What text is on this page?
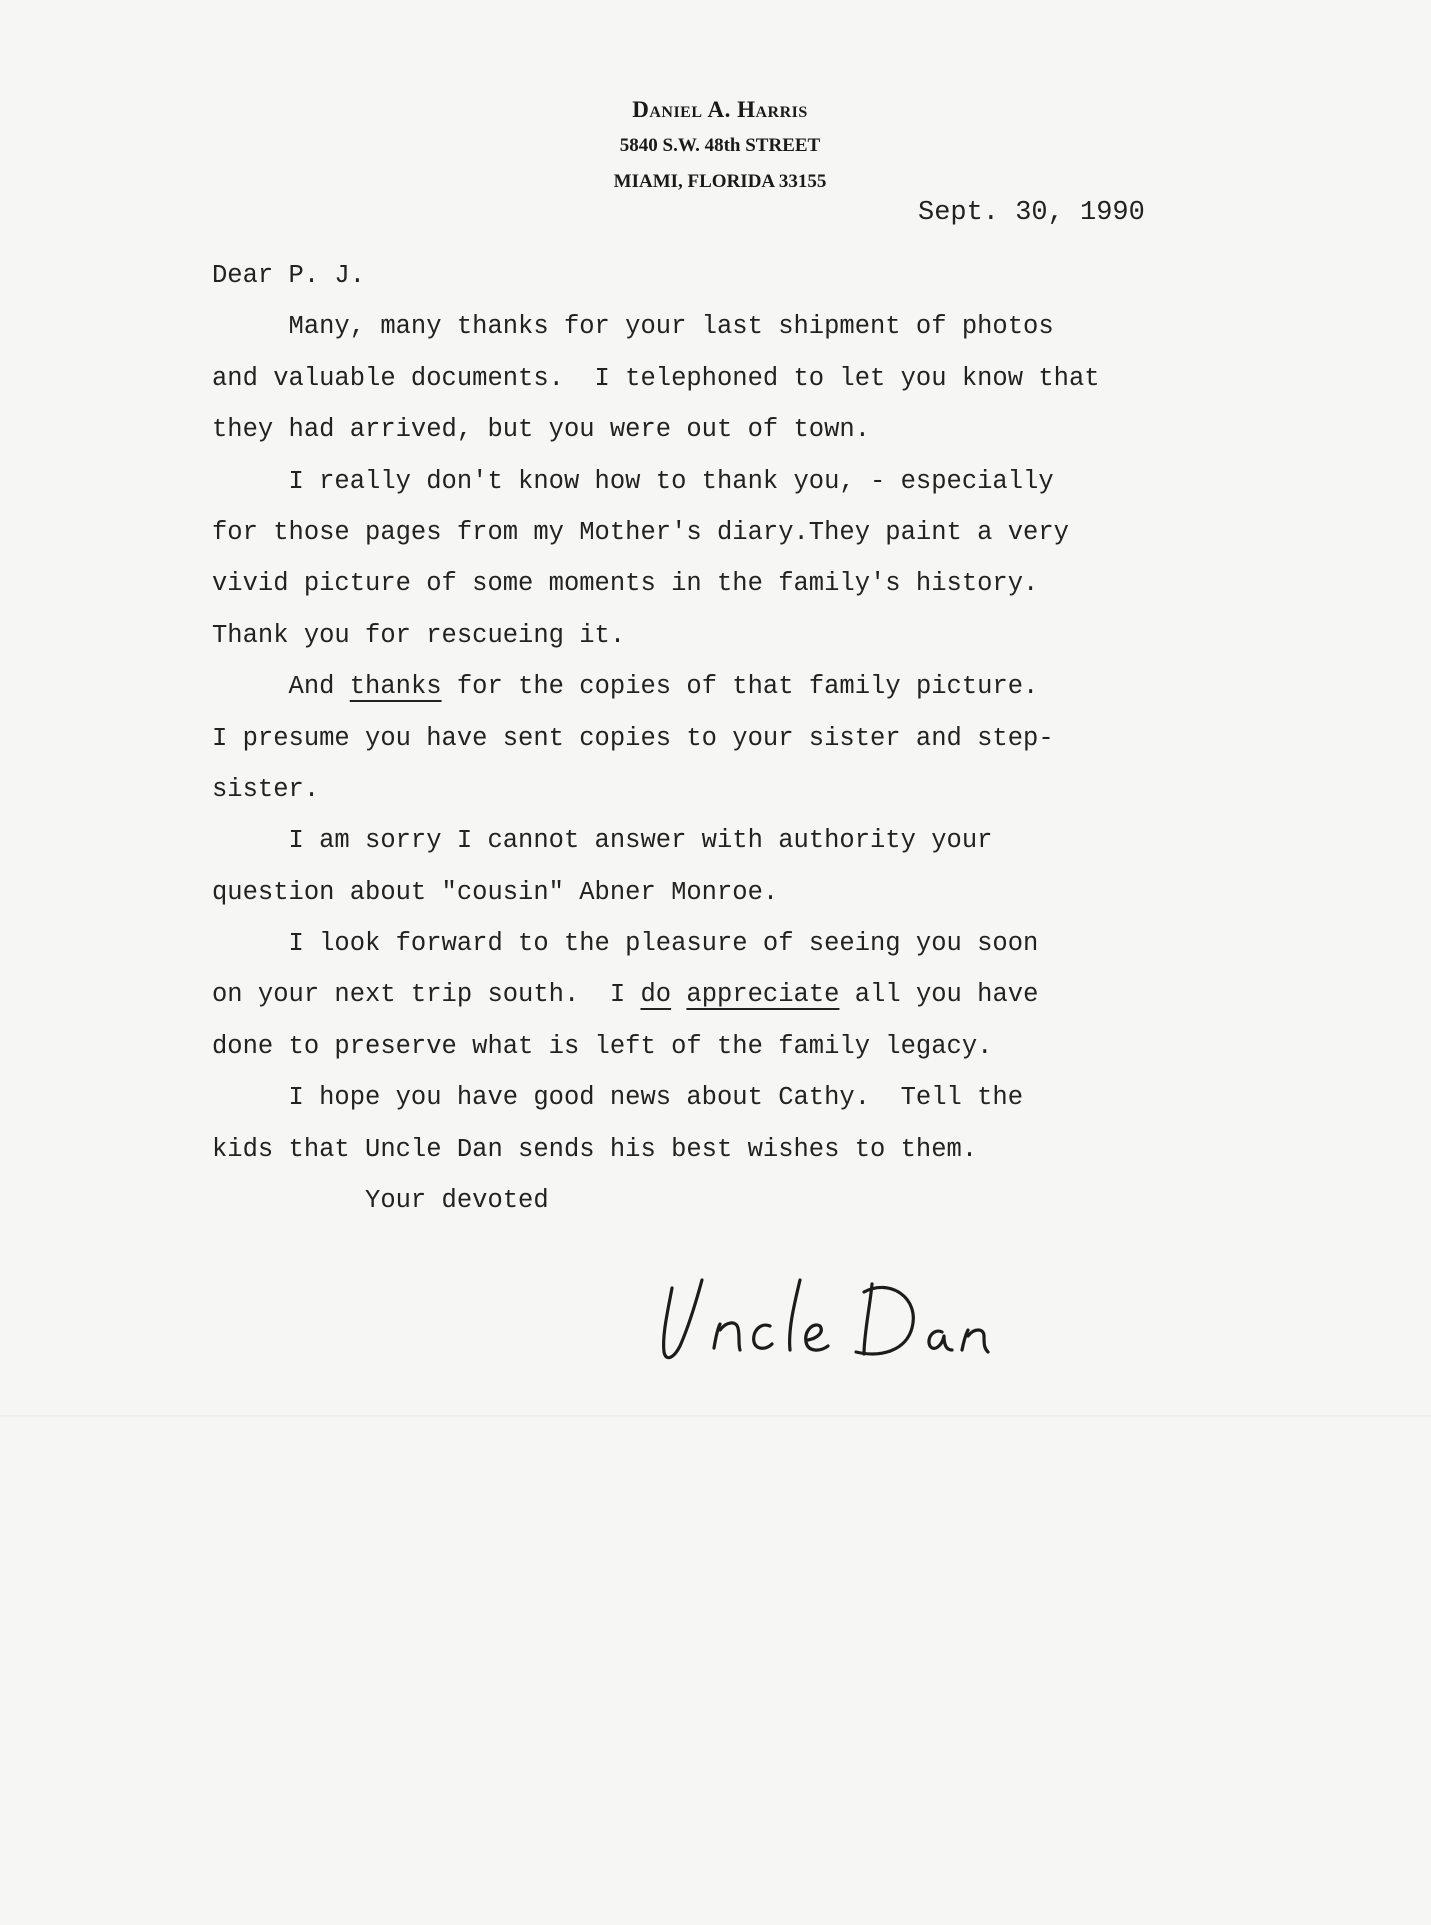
Daniel A. Harris
5840 S.W. 48th STREET
MIAMI, FLORIDA 33155
Sept. 30, 1990
Dear P. J.
Many, many thanks for your last shipment of photos
and valuable documents.  I telephoned to let you know that
they had arrived, but you were out of town.
I really don't know how to thank you, - especially
for those pages from my Mother's diary.They paint a very
vivid picture of some moments in the family's history.
Thank you for rescueing it.
And thanks for the copies of that family picture.
I presume you have sent copies to your sister and step-
sister.
I am sorry I cannot answer with authority your
question about "cousin" Abner Monroe.
I look forward to the pleasure of seeing you soon
on your next trip south.  I do appreciate all you have
done to preserve what is left of the family legacy.
I hope you have good news about Cathy.  Tell the
kids that Uncle Dan sends his best wishes to them.
Your devoted
